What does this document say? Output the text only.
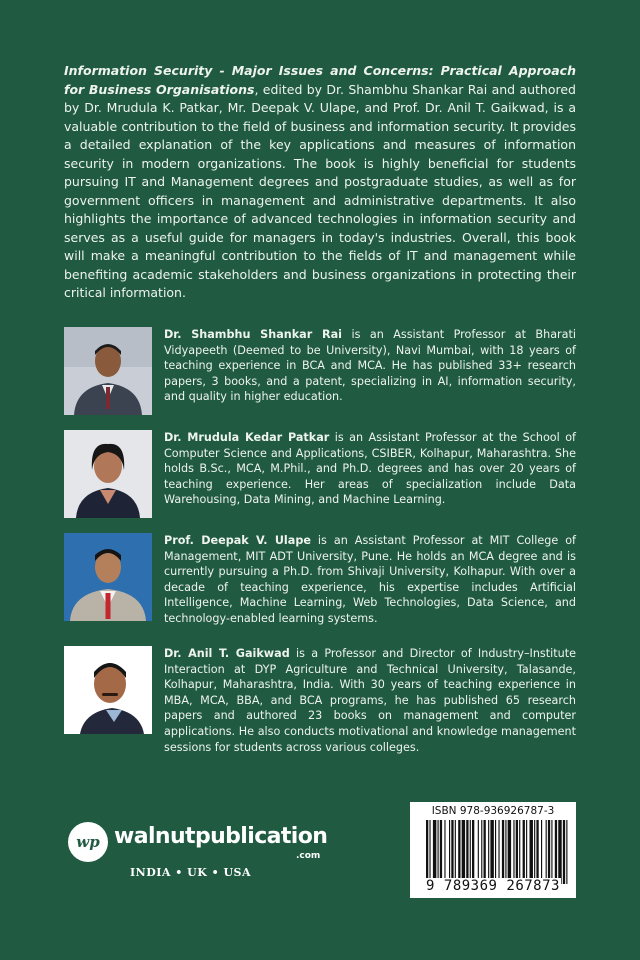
Information Security - Major Issues and Concerns: Practical Approach for Business Organisations, edited by Dr. Shambhu Shankar Rai and authored by Dr. Mrudula K. Patkar, Mr. Deepak V. Ulape, and Prof. Dr. Anil T. Gaikwad, is a valuable contribution to the field of business and information security. It provides a detailed explanation of the key applications and measures of information security in modern organizations. The book is highly beneficial for students pursuing IT and Management degrees and postgraduate studies, as well as for government officers in management and administrative departments. It also highlights the importance of advanced technologies in information security and serves as a useful guide for managers in today's industries. Overall, this book will make a meaningful contribution to the fields of IT and management while benefiting academic stakeholders and business organizations in protecting their critical information.

Dr. Shambhu Shankar Rai is an Assistant Professor at Bharati Vidyapeeth (Deemed to be University), Navi Mumbai, with 18 years of teaching experience in BCA and MCA. He has published 33+ research papers, 3 books, and a patent, specializing in AI, information security, and quality in higher education.

Dr. Mrudula Kedar Patkar is an Assistant Professor at the School of Computer Science and Applications, CSIBER, Kolhapur, Maharashtra. She holds B.Sc., MCA, M.Phil., and Ph.D. degrees and has over 20 years of teaching experience. Her areas of specialization include Data Warehousing, Data Mining, and Machine Learning.

Prof. Deepak V. Ulape is an Assistant Professor at MIT College of Management, MIT ADT University, Pune. He holds an MCA degree and is currently pursuing a Ph.D. from Shivaji University, Kolhapur. With over a decade of teaching experience, his expertise includes Artificial Intelligence, Machine Learning, Web Technologies, Data Science, and technology-enabled learning systems.

Dr. Anil T. Gaikwad is a Professor and Director of Industry–Institute Interaction at DYP Agriculture and Technical University, Talasande, Kolhapur, Maharashtra, India. With 30 years of teaching experience in MBA, MCA, BBA, and BCA programs, he has published 65 research papers and authored 23 books on management and computer applications. He also conducts motivational and knowledge management sessions for students across various colleges.

wp walnutpublication
.com
INDIA • UK • USA
ISBN 978-936926787-3
9 789369 267873
